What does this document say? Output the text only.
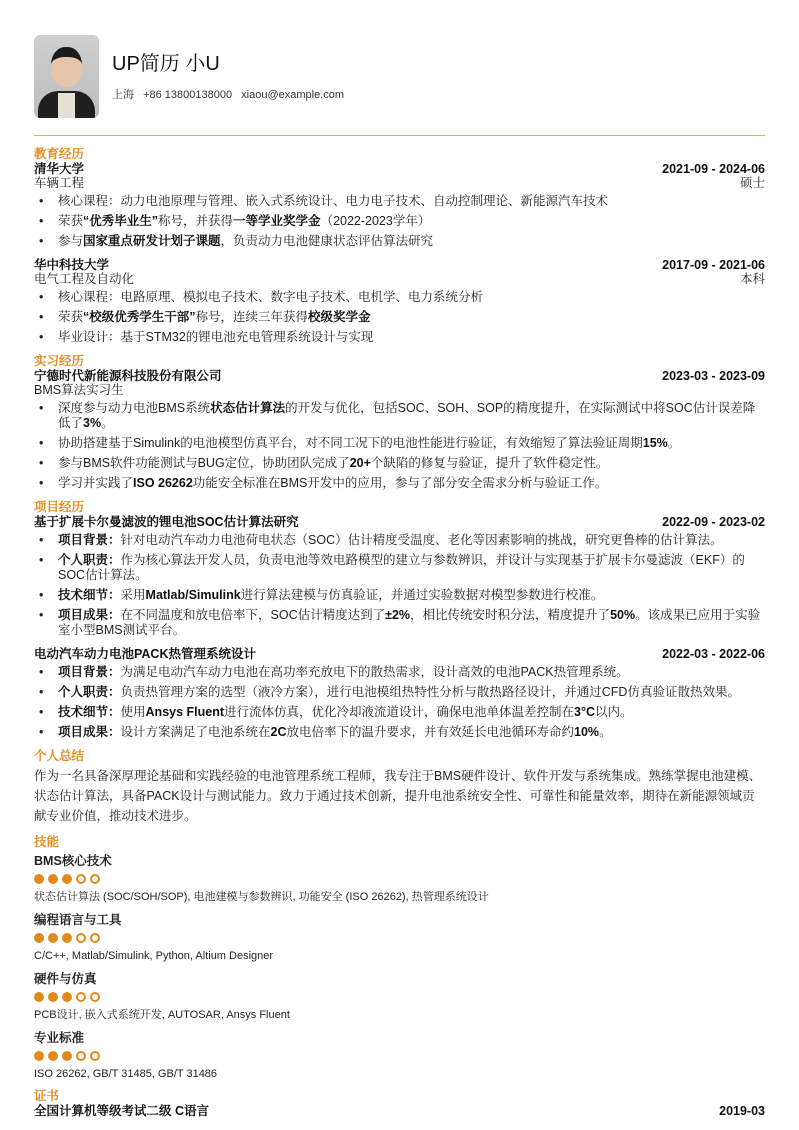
UP简历 小U
上海 +86 13800138000 xiaou@example.com
教育经历
清华大学	2021-09 - 2024-06
车辆工程	硕士
• 核心课程：动力电池原理与管理、嵌入式系统设计、电力电子技术、自动控制理论、新能源汽车技术
• 荣获“优秀毕业生”称号，并获得一等学业奖学金（2022-2023学年）
• 参与国家重点研发计划子课题，负责动力电池健康状态评估算法研究
华中科技大学	2017-09 - 2021-06
电气工程及自动化	本科
• 核心课程：电路原理、模拟电子技术、数字电子技术、电机学、电力系统分析
• 荣获“校级优秀学生干部”称号，连续三年获得校级奖学金
• 毕业设计：基于STM32的锂电池充电管理系统设计与实现
实习经历
宁德时代新能源科技股份有限公司	2023-03 - 2023-09
BMS算法实习生
• 深度参与动力电池BMS系统状态估计算法的开发与优化，包括SOC、SOH、SOP的精度提升，在实际测试中将SOC估计误差降低了3%。
• 协助搭建基于Simulink的电池模型仿真平台，对不同工况下的电池性能进行验证，有效缩短了算法验证周期15%。
• 参与BMS软件功能测试与BUG定位，协助团队完成了20+个缺陷的修复与验证，提升了软件稳定性。
• 学习并实践了ISO 26262功能安全标准在BMS开发中的应用，参与了部分安全需求分析与验证工作。
项目经历
基于扩展卡尔曼滤波的锂电池SOC估计算法研究	2022-09 - 2023-02
• 项目背景：针对电动汽车动力电池荷电状态（SOC）估计精度受温度、老化等因素影响的挑战，研究更鲁棒的估计算法。
• 个人职责：作为核心算法开发人员，负责电池等效电路模型的建立与参数辨识，并设计与实现基于扩展卡尔曼滤波（EKF）的SOC估计算法。
• 技术细节：采用Matlab/Simulink进行算法建模与仿真验证，并通过实验数据对模型参数进行校准。
• 项目成果：在不同温度和放电倍率下，SOC估计精度达到了±2%，相比传统安时积分法，精度提升了50%。该成果已应用于实验室小型BMS测试平台。
电动汽车动力电池PACK热管理系统设计	2022-03 - 2022-06
• 项目背景：为满足电动汽车动力电池在高功率充放电下的散热需求，设计高效的电池PACK热管理系统。
• 个人职责：负责热管理方案的选型（液冷方案），进行电池模组热特性分析与散热路径设计，并通过CFD仿真验证散热效果。
• 技术细节：使用Ansys Fluent进行流体仿真，优化冷却液流道设计，确保电池单体温差控制在3°C以内。
• 项目成果：设计方案满足了电池系统在2C放电倍率下的温升要求，并有效延长电池循环寿命约10%。
个人总结
作为一名具备深厚理论基础和实践经验的电池管理系统工程师，我专注于BMS硬件设计、软件开发与系统集成。熟练掌握电池建模、状态估计算法，具备PACK设计与测试能力。致力于通过技术创新，提升电池系统安全性、可靠性和能量效率，期待在新能源领域贡献专业价值，推动技术进步。
技能
BMS核心技术
状态估计算法 (SOC/SOH/SOP), 电池建模与参数辨识, 功能安全 (ISO 26262), 热管理系统设计
编程语言与工具
C/C++, Matlab/Simulink, Python, Altium Designer
硬件与仿真
PCB设计, 嵌入式系统开发, AUTOSAR, Ansys Fluent
专业标准
ISO 26262, GB/T 31485, GB/T 31486
证书
全国计算机等级考试二级 C语言	2019-03
